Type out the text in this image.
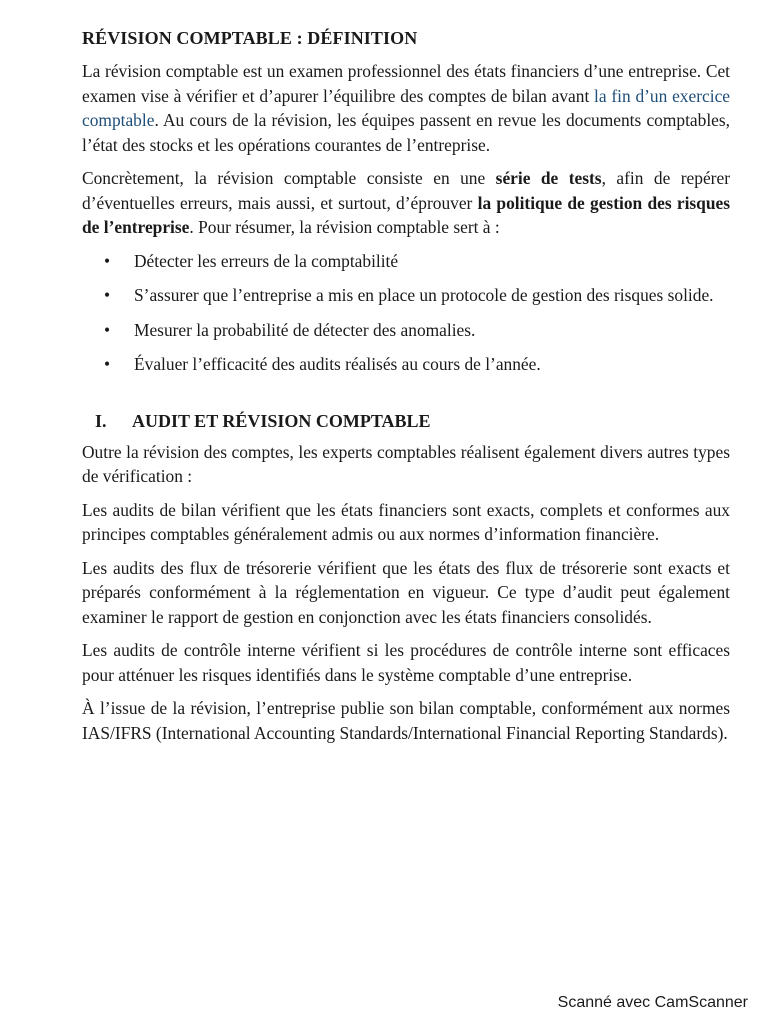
RÉVISION COMPTABLE : DÉFINITION

La révision comptable est un examen professionnel des états financiers d’une entreprise. Cet examen vise à vérifier et d’apurer l’équilibre des comptes de bilan avant la fin d’un exercice comptable. Au cours de la révision, les équipes passent en revue les documents comptables, l’état des stocks et les opérations courantes de l’entreprise.

Concrètement, la révision comptable consiste en une série de tests, afin de repérer d’éventuelles erreurs, mais aussi, et surtout, d’éprouver la politique de gestion des risques de l’entreprise. Pour résumer, la révision comptable sert à :

• Détecter les erreurs de la comptabilité
• S’assurer que l’entreprise a mis en place un protocole de gestion des risques solide.
• Mesurer la probabilité de détecter des anomalies.
• Évaluer l’efficacité des audits réalisés au cours de l’année.
I.	AUDIT ET RÉVISION COMPTABLE

Outre la révision des comptes, les experts comptables réalisent également divers autres types de vérification :

Les audits de bilan vérifient que les états financiers sont exacts, complets et conformes aux principes comptables généralement admis ou aux normes d’information financière.

Les audits des flux de trésorerie vérifient que les états des flux de trésorerie sont exacts et préparés conformément à la réglementation en vigueur. Ce type d’audit peut également examiner le rapport de gestion en conjonction avec les états financiers consolidés.

Les audits de contrôle interne vérifient si les procédures de contrôle interne sont efficaces pour atténuer les risques identifiés dans le système comptable d’une entreprise.

À l’issue de la révision, l’entreprise publie son bilan comptable, conformément aux normes IAS/IFRS (International Accounting Standards/International Financial Reporting Standards).

Scanné avec CamScanner
